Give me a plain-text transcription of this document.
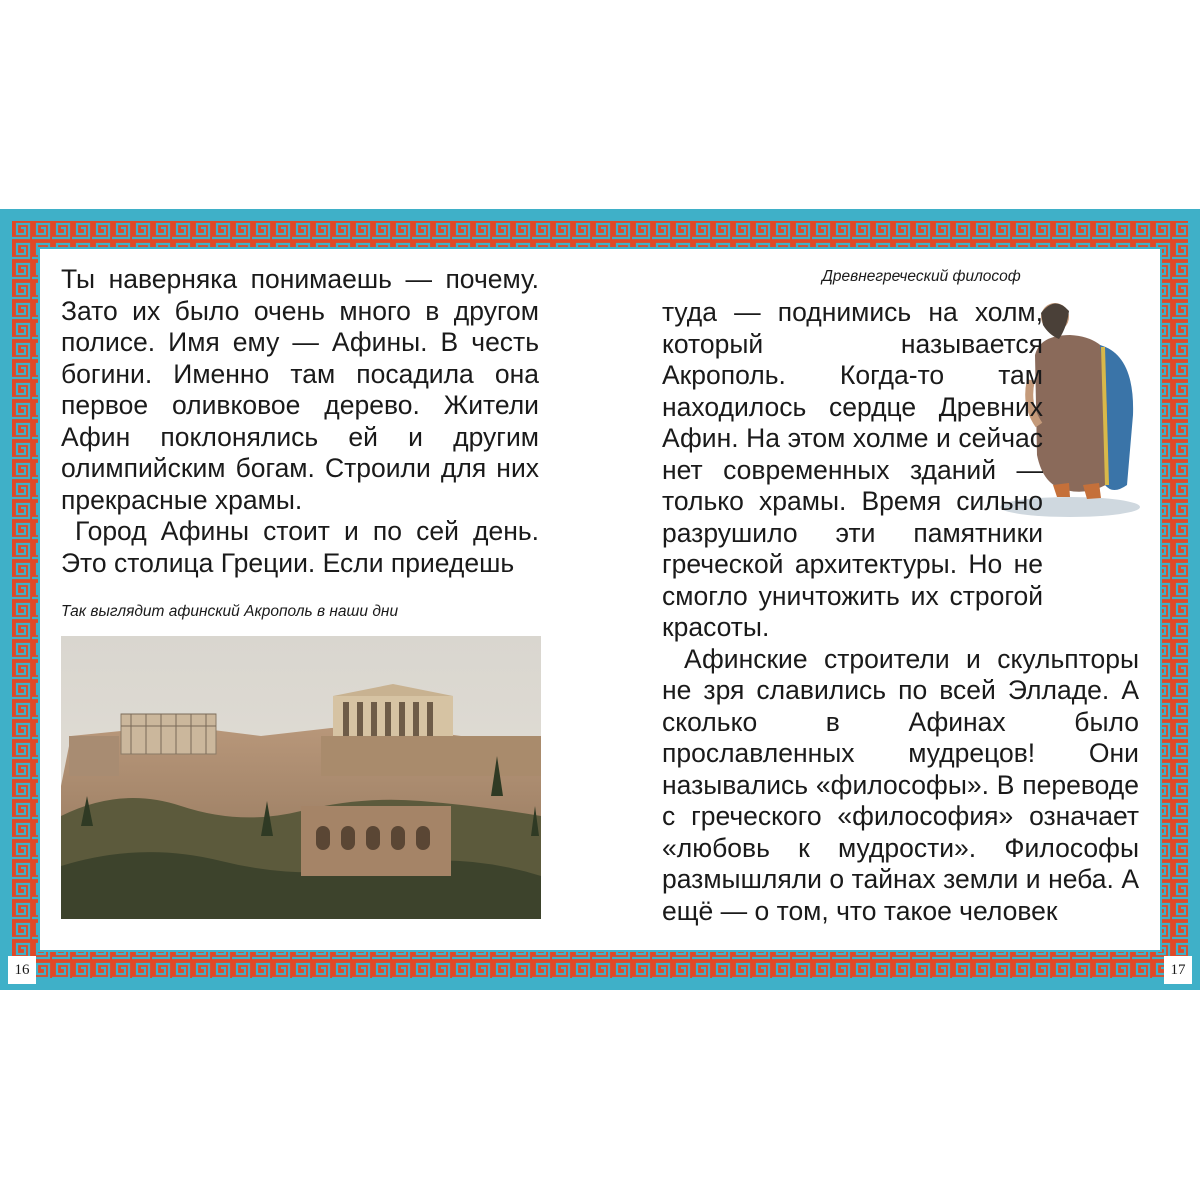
Ты наверняка понимаешь — почему. Зато их было очень много в другом полисе. Имя ему — Афины. В честь богини. Именно там посадила она первое оливковое дерево. Жители Афин поклонялись ей и другим олимпийским богам. Строили для них прекрасные храмы.

Город Афины стоит и по сей день. Это столица Греции. Если приедешь

Так выглядит афинский Акрополь в наши дни
16
Древнегреческий философ

туда — поднимись на холм, который называется Акрополь. Когда-то там находилось сердце Древних Афин. На этом холме и сейчас нет современных зданий — только храмы. Время сильно разрушило эти памятники греческой архитектуры. Но не смогло уничтожить их строгой красоты.

Афинские строители и скульпторы не зря славились по всей Элладе. А сколько в Афинах было прославленных мудрецов! Они назывались «философы». В переводе с греческого «философия» означает «любовь к мудрости». Философы размышляли о тайнах земли и неба. А ещё — о том, что такое человек

17
